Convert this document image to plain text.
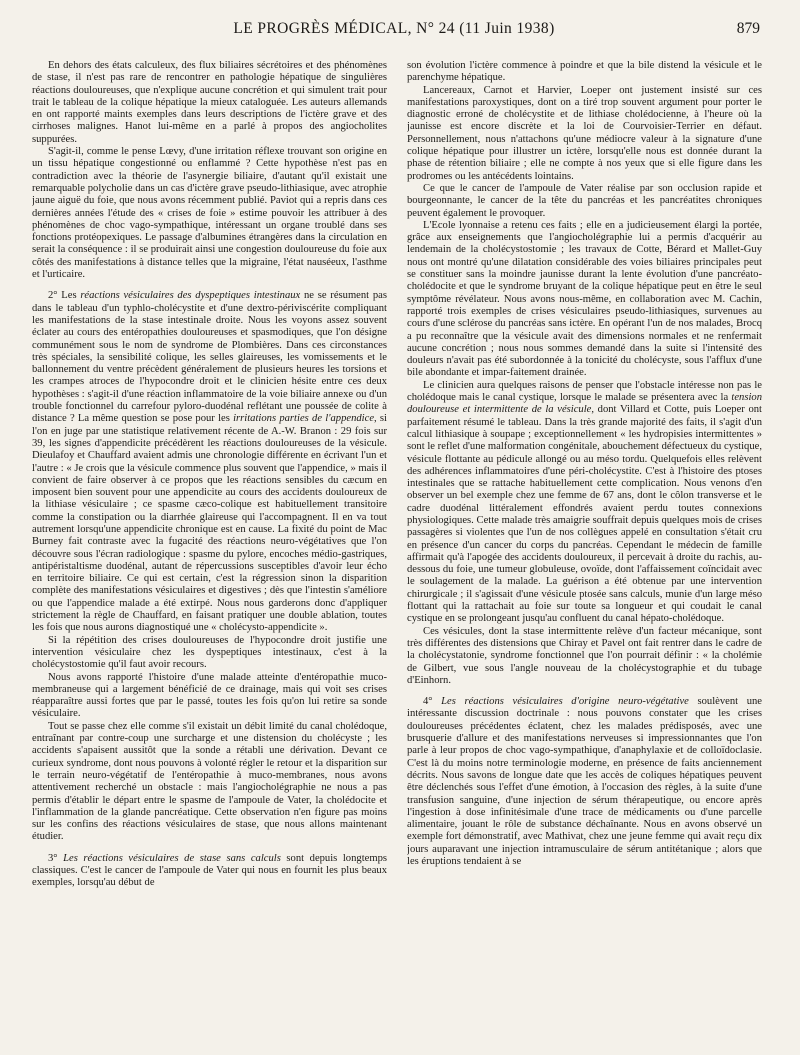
LE PROGRÈS MÉDICAL, N° 24 (11 Juin 1938)	879

En dehors des états calculeux, des flux biliaires sécrétoires et des phénomènes de stase, il n'est pas rare de rencontrer en pathologie hépatique de singulières réactions douloureuses, que n'explique aucune concrétion et qui simulent trait pour trait le tableau de la colique hépatique la mieux cataloguée. Les auteurs allemands en ont rapporté maints exemples dans leurs descriptions de l'ictère grave et des cirrhoses malignes. Hanot lui-même en a parlé à propos des angiocholites suppurées.

S'agit-il, comme le pense Lœvy, d'une irritation réflexe trouvant son origine en un tissu hépatique congestionné ou enflammé ? Cette hypothèse n'est pas en contradiction avec la théorie de l'asynergie biliaire, d'autant qu'il existait une remarquable polycholie dans un cas d'ictère grave pseudo-lithiasique, avec atrophie jaune aiguë du foie, que nous avons récemment publié. Paviot qui a repris dans ces dernières années l'étude des « crises de foie » estime pouvoir les attribuer à des phénomènes de choc vago-sympathique, intéressant un organe troublé dans ses fonctions protéopexiques. Le passage d'albumines étrangères dans la circulation en serait la conséquence : il se produirait ainsi une congestion douloureuse du foie aux côtés des manifestations à distance telles que la migraine, l'état nauséeux, l'asthme et l'urticaire.

2° Les réactions vésiculaires des dyspeptiques intestinaux ne se résument pas dans le tableau d'un typhlo-cholécystite et d'une dextro-périviscérite compliquant les manifestations de la stase intestinale droite. Nous les voyons assez souvent éclater au cours des entéropathies douloureuses et spasmodiques, que l'on désigne communément sous le nom de syndrome de Plombières. Dans ces circonstances très spéciales, la sensibilité colique, les selles glaireuses, les vomissements et le ballonnement du ventre précèdent généralement de plusieurs heures les torsions et les crampes atroces de l'hypocondre droit et le clinicien hésite entre ces deux hypothèses : s'agit-il d'une réaction inflammatoire de la voie biliaire annexe ou d'un trouble fonctionnel du carrefour pyloro-duodénal reflétant une poussée de colite à distance ? La même question se pose pour les irritations parties de l'appendice, si l'on en juge par une statistique relativement récente de A.-W. Branon : 29 fois sur 39, les signes d'appendicite précédèrent les réactions douloureuses de la vésicule. Dieulafoy et Chauffard avaient admis une chronologie différente en écrivant l'un et l'autre : « Je crois que la vésicule commence plus souvent que l'appendice, » mais il convient de faire observer à ce propos que les réactions sensibles du cæcum en imposent bien souvent pour une appendicite au cours des accidents douloureux de la lithiase vésiculaire ; ce spasme cæco-colique est habituellement transitoire comme la constipation ou la diarrhée glaireuse qui l'accompagnent. Il en va tout autrement lorsqu'une appendicite chronique est en cause. La fixité du point de Mac Burney fait contraste avec la fugacité des réactions neuro-végétatives que l'on découvre sous l'écran radiologique : spasme du pylore, encoches médio-gastriques, antipéristaltisme duodénal, autant de répercussions susceptibles d'avoir leur écho en territoire biliaire. Ce qui est certain, c'est la régression sinon la disparition complète des manifestations vésiculaires et digestives ; dès que l'intestin s'améliore ou que l'appendice malade a été extirpé. Nous nous garderons donc d'appliquer strictement la règle de Chauffard, en faisant pratiquer une double ablation, toutes les fois que nous aurons diagnostiqué une « cholécysto-appendicite ».

Si la répétition des crises douloureuses de l'hypocondre droit justifie une intervention vésiculaire chez les dyspeptiques intestinaux, c'est à la cholécystostomie qu'il faut avoir recours.

Nous avons rapporté l'histoire d'une malade atteinte d'entéropathie muco-membraneuse qui a largement bénéficié de ce drainage, mais qui voit ses crises réapparaître aussi fortes que par le passé, toutes les fois qu'on lui retire sa sonde vésiculaire.

Tout se passe chez elle comme s'il existait un débit limité du canal cholédoque, entraînant par contre-coup une surcharge et une distension du cholécyste ; les accidents s'apaisent aussitôt que la sonde a rétabli une dérivation. Devant ce curieux syndrome, dont nous pouvons à volonté régler le retour et la disparition sur le terrain neuro-végétatif de l'entéropathie à muco-membranes, nous avons attentivement recherché un obstacle : mais l'angiocholégraphie ne nous a pas permis d'établir le départ entre le spasme de l'ampoule de Vater, la cholédocite et l'inflammation de la glande pancréatique. Cette observation n'en figure pas moins sur les confins des réactions vésiculaires de stase, que nous allons maintenant étudier.

3° Les réactions vésiculaires de stase sans calculs sont depuis longtemps classiques. C'est le cancer de l'ampoule de Vater qui nous en fournit les plus beaux exemples, lorsqu'au début de

son évolution l'ictère commence à poindre et que la bile distend la vésicule et le parenchyme hépatique.

Lancereaux, Carnot et Harvier, Loeper ont justement insisté sur ces manifestations paroxystiques, dont on a tiré trop souvent argument pour porter le diagnostic erroné de cholécystite et de lithiase cholédocienne, à l'heure où la jaunisse est encore discrète et la loi de Courvoisier-Terrier en défaut. Personnellement, nous n'attachons qu'une médiocre valeur à la signature d'une colique hépatique pour illustrer un ictère, lorsqu'elle nous est donnée durant la phase de rétention biliaire ; elle ne compte à nos yeux que si elle figure dans les prodromes ou les antécédents lointains.

Ce que le cancer de l'ampoule de Vater réalise par son occlusion rapide et bourgeonnante, le cancer de la tête du pancréas et les pancréatites chroniques peuvent également le provoquer.

L'Ecole lyonnaise a retenu ces faits ; elle en a judicieusement élargi la portée, grâce aux enseignements que l'angiocholégraphie lui a permis d'acquérir au lendemain de la cholécystostomie ; les travaux de Cotte, Bérard et Mallet-Guy nous ont montré qu'une dilatation considérable des voies biliaires principales peut se constituer sans la moindre jaunisse durant la lente évolution d'une pancréato-cholédocite et que le syndrome bruyant de la colique hépatique peut en être le seul symptôme révélateur. Nous avons nous-même, en collaboration avec M. Cachin, rapporté trois exemples de crises vésiculaires pseudo-lithiasiques, survenues au cours d'une sclérose du pancréas sans ictère. En opérant l'un de nos malades, Brocq a pu reconnaître que la vésicule avait des dimensions normales et ne renfermait aucune concrétion ; nous nous sommes demandé dans la suite si l'intensité des douleurs n'avait pas été subordonnée à la tonicité du cholécyste, sous l'afflux d'une bile abondante et impar-faitement drainée.

Le clinicien aura quelques raisons de penser que l'obstacle intéresse non pas le cholédoque mais le canal cystique, lorsque le malade se présentera avec la tension douloureuse et intermittente de la vésicule, dont Villard et Cotte, puis Loeper ont parfaitement résumé le tableau. Dans la très grande majorité des faits, il s'agit d'un calcul lithiasique à soupape ; exceptionnellement « les hydropisies intermittentes » sont le reflet d'une malformation congénitale, abouchement défectueux du cystique, vésicule flottante au pédicule allongé ou au méso tordu. Quelquefois elles relèvent des adhérences inflammatoires d'une péri-cholécystite. C'est à l'histoire des ptoses intestinales que se rattache habituellement cette complication. Nous venons d'en observer un bel exemple chez une femme de 67 ans, dont le côlon transverse et le cadre duodénal littéralement effondrés avaient perdu toutes connexions physiologiques. Cette malade très amaigrie souffrait depuis quelques mois de crises passagères si violentes que l'un de nos collègues appelé en consultation s'était cru en présence d'un cancer du corps du pancréas. Cependant le médecin de famille affirmait qu'à l'apogée des accidents douloureux, il percevait à droite du rachis, au-dessous du foie, une tumeur globuleuse, ovoïde, dont l'affaissement coïncidait avec le soulagement de la malade. La guérison a été obtenue par une intervention chirurgicale ; il s'agissait d'une vésicule ptosée sans calculs, munie d'un large méso flottant qui la rattachait au foie sur toute sa longueur et qui coudait le canal cystique en se prolongeant jusqu'au confluent du canal hépato-cholédoque.

Ces vésicules, dont la stase intermittente relève d'un facteur mécanique, sont très différentes des distensions que Chiray et Pavel ont fait rentrer dans le cadre de la cholécystatonie, syndrome fonctionnel que l'on pourrait définir : « la cholémie de Gilbert, vue sous l'angle nouveau de la cholécystographie et du tubage d'Einhorn.

4° Les réactions vésiculaires d'origine neuro-végétative soulèvent une intéressante discussion doctrinale : nous pouvons constater que les crises douloureuses précédentes éclatent, chez les malades prédisposés, avec une brusquerie d'allure et des manifestations nerveuses si impressionnantes que l'on parle à leur propos de choc vago-sympathique, d'anaphylaxie et de colloïdoclasie. C'est là du moins notre terminologie moderne, en présence de faits anciennement décrits. Nous savons de longue date que les accès de coliques hépatiques peuvent être déclenchés sous l'effet d'une émotion, à l'occasion des règles, à la suite d'une transfusion sanguine, d'une injection de sérum thérapeutique, ou encore après l'ingestion à dose infinitésimale d'une trace de médicaments ou d'une parcelle alimentaire, jouant le rôle de substance déchaînante. Nous en avons observé un exemple fort démonstratif, avec Mathivat, chez une jeune femme qui avait reçu dix jours auparavant une injection intramusculaire de sérum antitétanique ; alors que les éruptions tendaient à se
